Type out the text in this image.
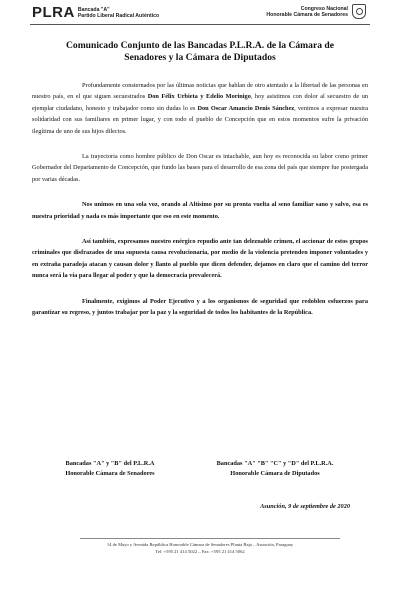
PLRA Bancada "A"
Partido Liberal Radical Auténtico
Congreso Nacional
Honorable Cámara de Senadores
Comunicado Conjunto de las Bancadas P.L.R.A. de la Cámara de
Senadores y la Cámara de Diputados

Profundamente consternados por las últimas noticias que hablan de otro atentado a la libertad de las personas en nuestro país, en el que siguen secuestrados Don Félix Urbieta y Edelio Morinigo, hoy asistimos con dolor al secuestro de un ejemplar ciudadano, honesto y trabajador como sin dudas lo es Don Oscar Amancio Denis Sánchez, venimos a expresar nuestra solidaridad con sus familiares en primer lugar, y con todo el pueblo de Concepción que en estos momentos sufre la privación ilegítima de uno de sus hijos dilectos.

La trayectoria como hombre público de Don Oscar es intachable, aun hoy es reconocida su labor como primer Gobernador del Departamento de Concepción, que fundo las bases para el desarrollo de esa zona del país que siempre fue postergada por varias décadas.

Nos unimos en una sola voz, orando al Altísimo por su pronta vuelta al seno familiar sano y salvo, esa es nuestra prioridad y nada es más importante que eso en este momento.

Así también, expresamos nuestro enérgico repudio ante tan deleznable crimen, el accionar de estos grupos criminales que disfrazados de una supuesta causa revolucionaria, por medio de la violencia pretenden imponer voluntades y en extraña paradoja atacan y causan dolor y llanto al pueblo que dicen defender, dejamos en claro que el camino del terror nunca será la vía para llegar al poder y que la democracia prevalecerá.

Finalmente, exigimos al Poder Ejecutivo y a los organismos de seguridad que redoblen esfuerzos para garantizar su regreso, y juntos trabajar por la paz y la seguridad de todos los habitantes de la República.

Bancadas "A" y "B" del P.L.R.A
Honorable Cámara de Senadores
Bancadas "A" "B" "C" y "D" del P.L.R.A.
Honorable Cámara de Diputados
Asunción, 9 de septiembre de 2020
14 de Mayo y Avenida República Honorable Cámara de Senadores Planta Baja – Asunción, Paraguay
Tel: +595 21 414 5022 – Fax: +595 21 414 5062
